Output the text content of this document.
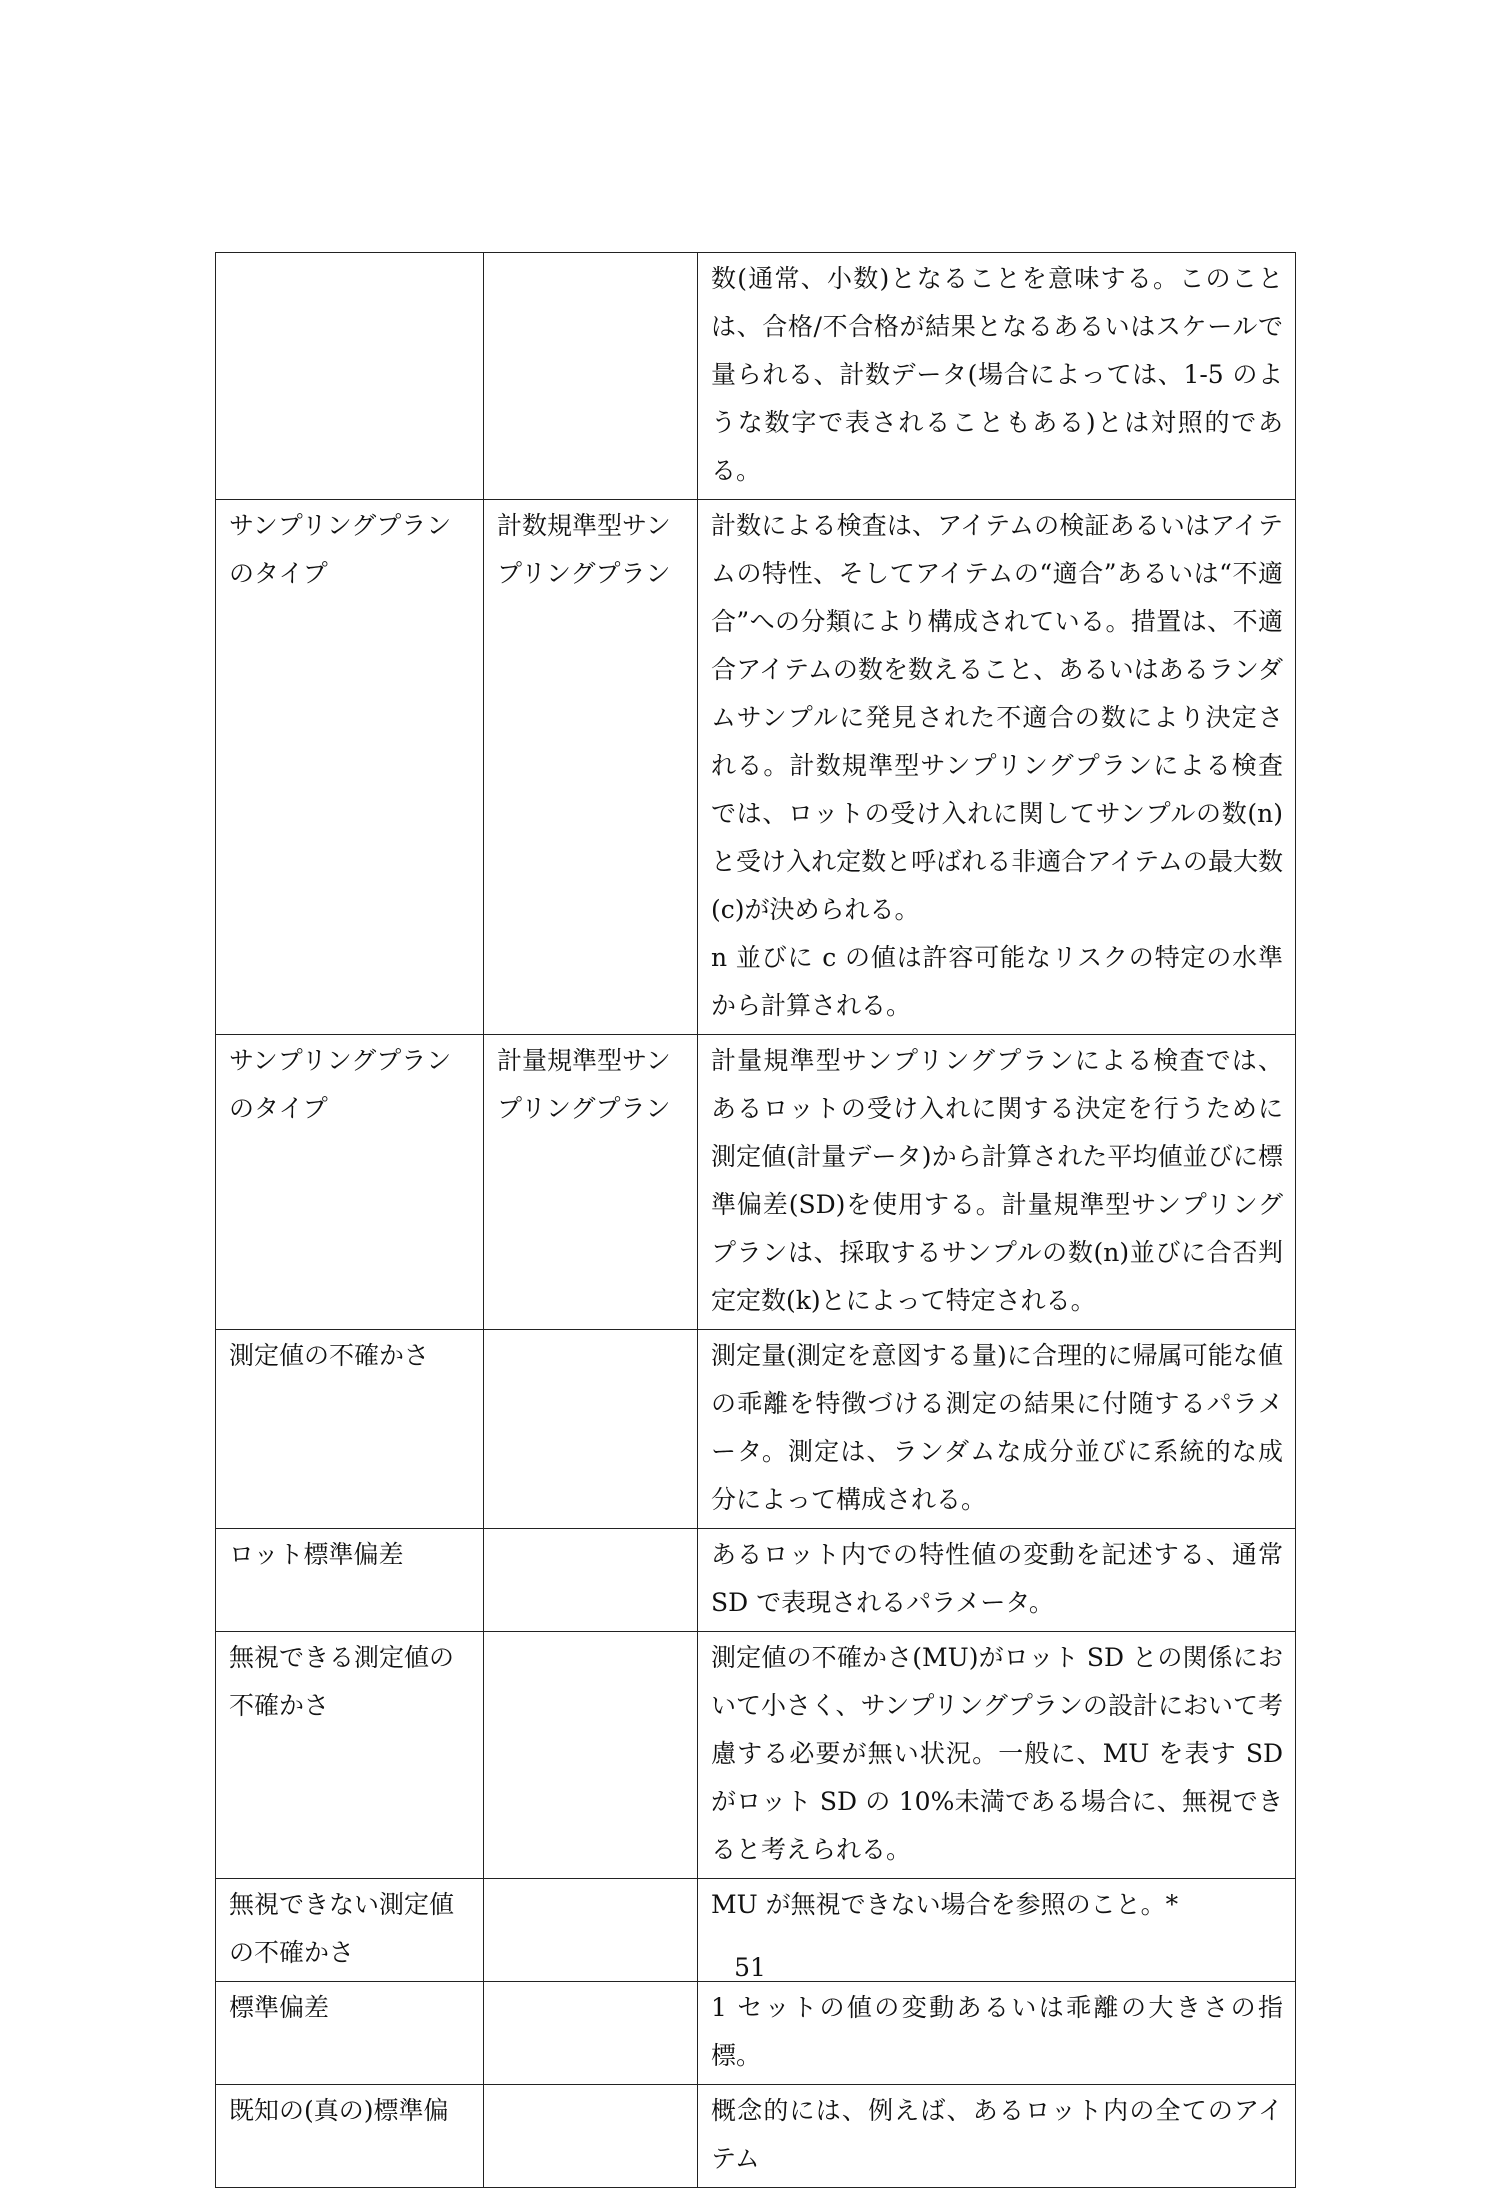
		数(通常、小数)となることを意味する。このことは、合格/不合格が結果となるあるいはスケールで量られる、計数データ(場合によっては、1-5 のような数字で表されることもある)とは対照的である。

サンプリングプランのタイプ	計数規準型サンプリングプラン	計数による検査は、アイテムの検証あるいはアイテムの特性、そしてアイテムの“適合”あるいは“不適合”への分類により構成されている。措置は、不適合アイテムの数を数えること、あるいはあるランダムサンプルに発見された不適合の数により決定される。計数規準型サンプリングプランによる検査では、ロットの受け入れに関してサンプルの数(n)と受け入れ定数と呼ばれる非適合アイテムの最大数(c)が決められる。
n 並びに c の値は許容可能なリスクの特定の水準から計算される。

サンプリングプランのタイプ	計量規準型サンプリングプラン	計量規準型サンプリングプランによる検査では、あるロットの受け入れに関する決定を行うために測定値(計量データ)から計算された平均値並びに標準偏差(SD)を使用する。計量規準型サンプリングプランは、採取するサンプルの数(n)並びに合否判定定数(k)とによって特定される。

測定値の不確かさ		測定量(測定を意図する量)に合理的に帰属可能な値の乖離を特徴づける測定の結果に付随するパラメータ。測定は、ランダムな成分並びに系統的な成分によって構成される。

ロット標準偏差		あるロット内での特性値の変動を記述する、通常 SD で表現されるパラメータ。

無視できる測定値の不確かさ		測定値の不確かさ(MU)がロット SD との関係において小さく、サンプリングプランの設計において考慮する必要が無い状況。一般に、MU を表す SD がロット SD の 10%未満である場合に、無視できると考えられる。

無視できない測定値の不確かさ		MU が無視できない場合を参照のこと。*

標準偏差		1 セットの値の変動あるいは乖離の大きさの指標。

既知の(真の)標準偏		概念的には、例えば、あるロット内の全てのアイテム
51
